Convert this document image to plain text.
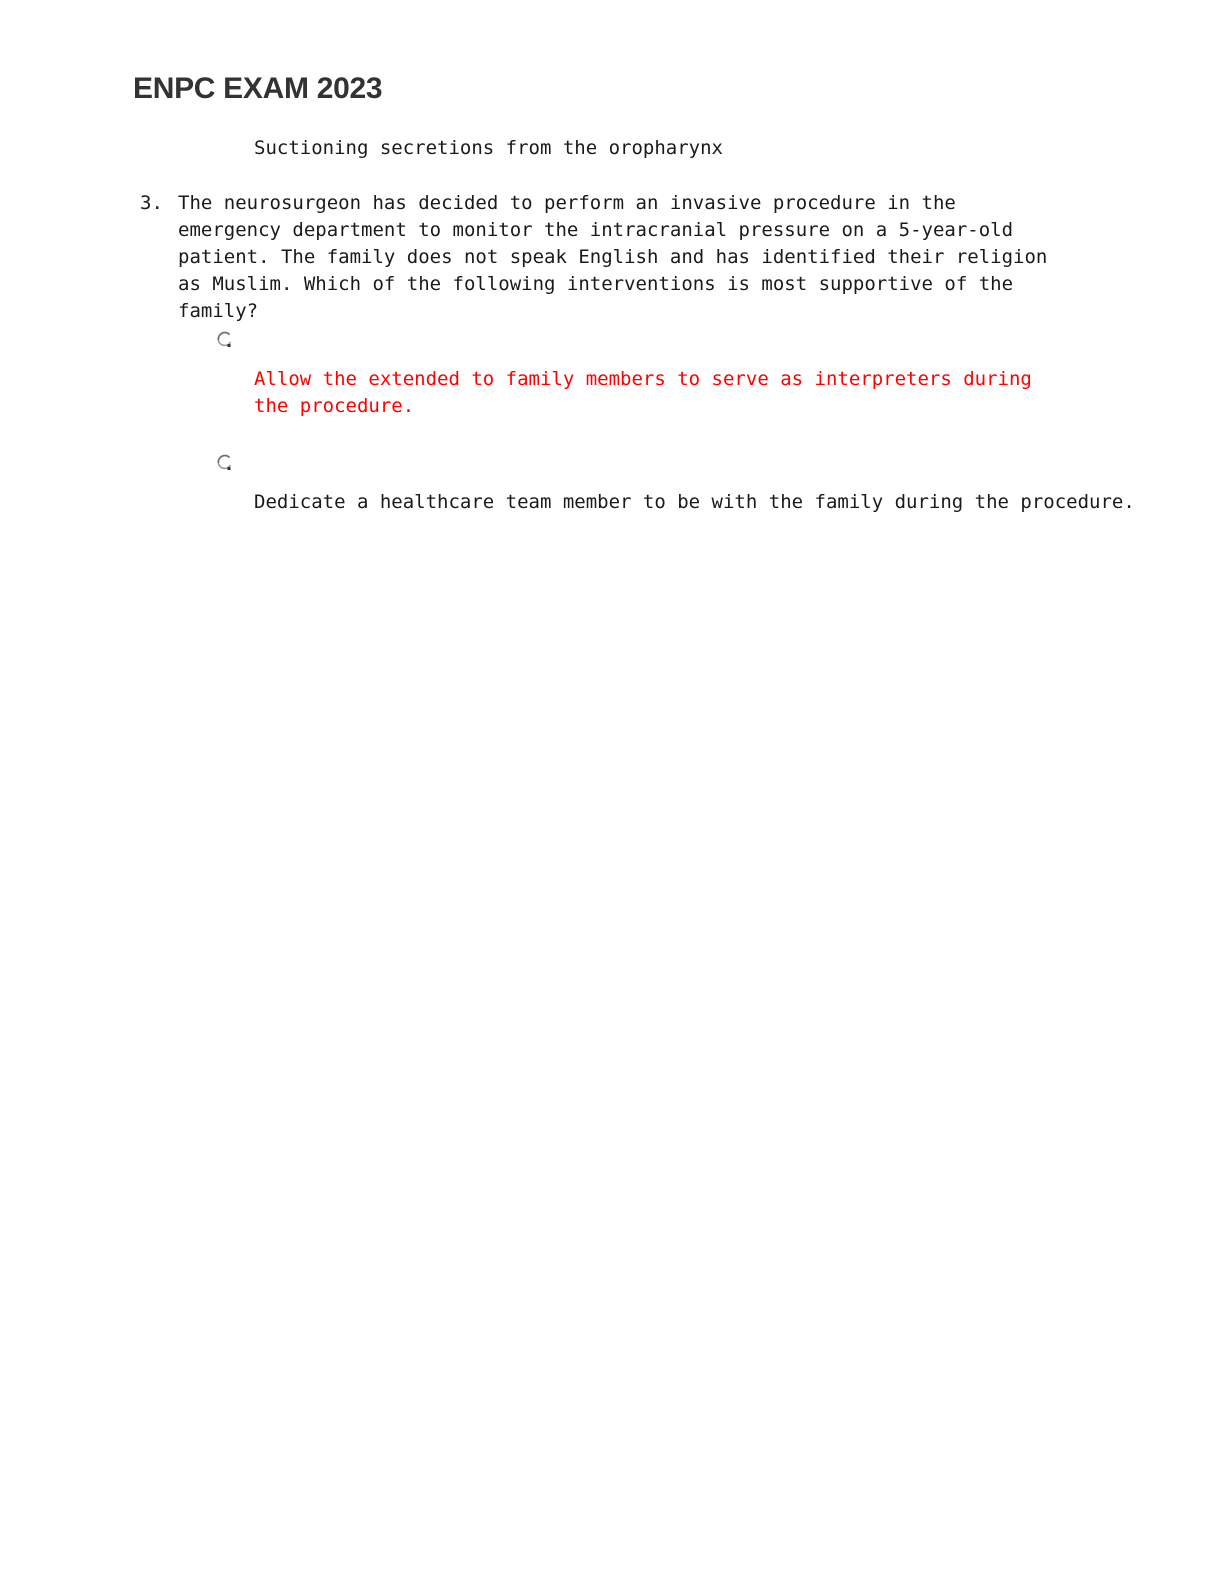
ENPC EXAM 2023
Suctioning secretions from the oropharynx
3. The neurosurgeon has decided to perform an invasive procedure in the emergency department to monitor the intracranial pressure on a 5-year-old patient. The family does not speak English and has identified their religion as Muslim. Which of the following interventions is most supportive of the family?

Allow the extended to family members to serve as interpreters during the procedure.

Dedicate a healthcare team member to be with the family during the procedure.
